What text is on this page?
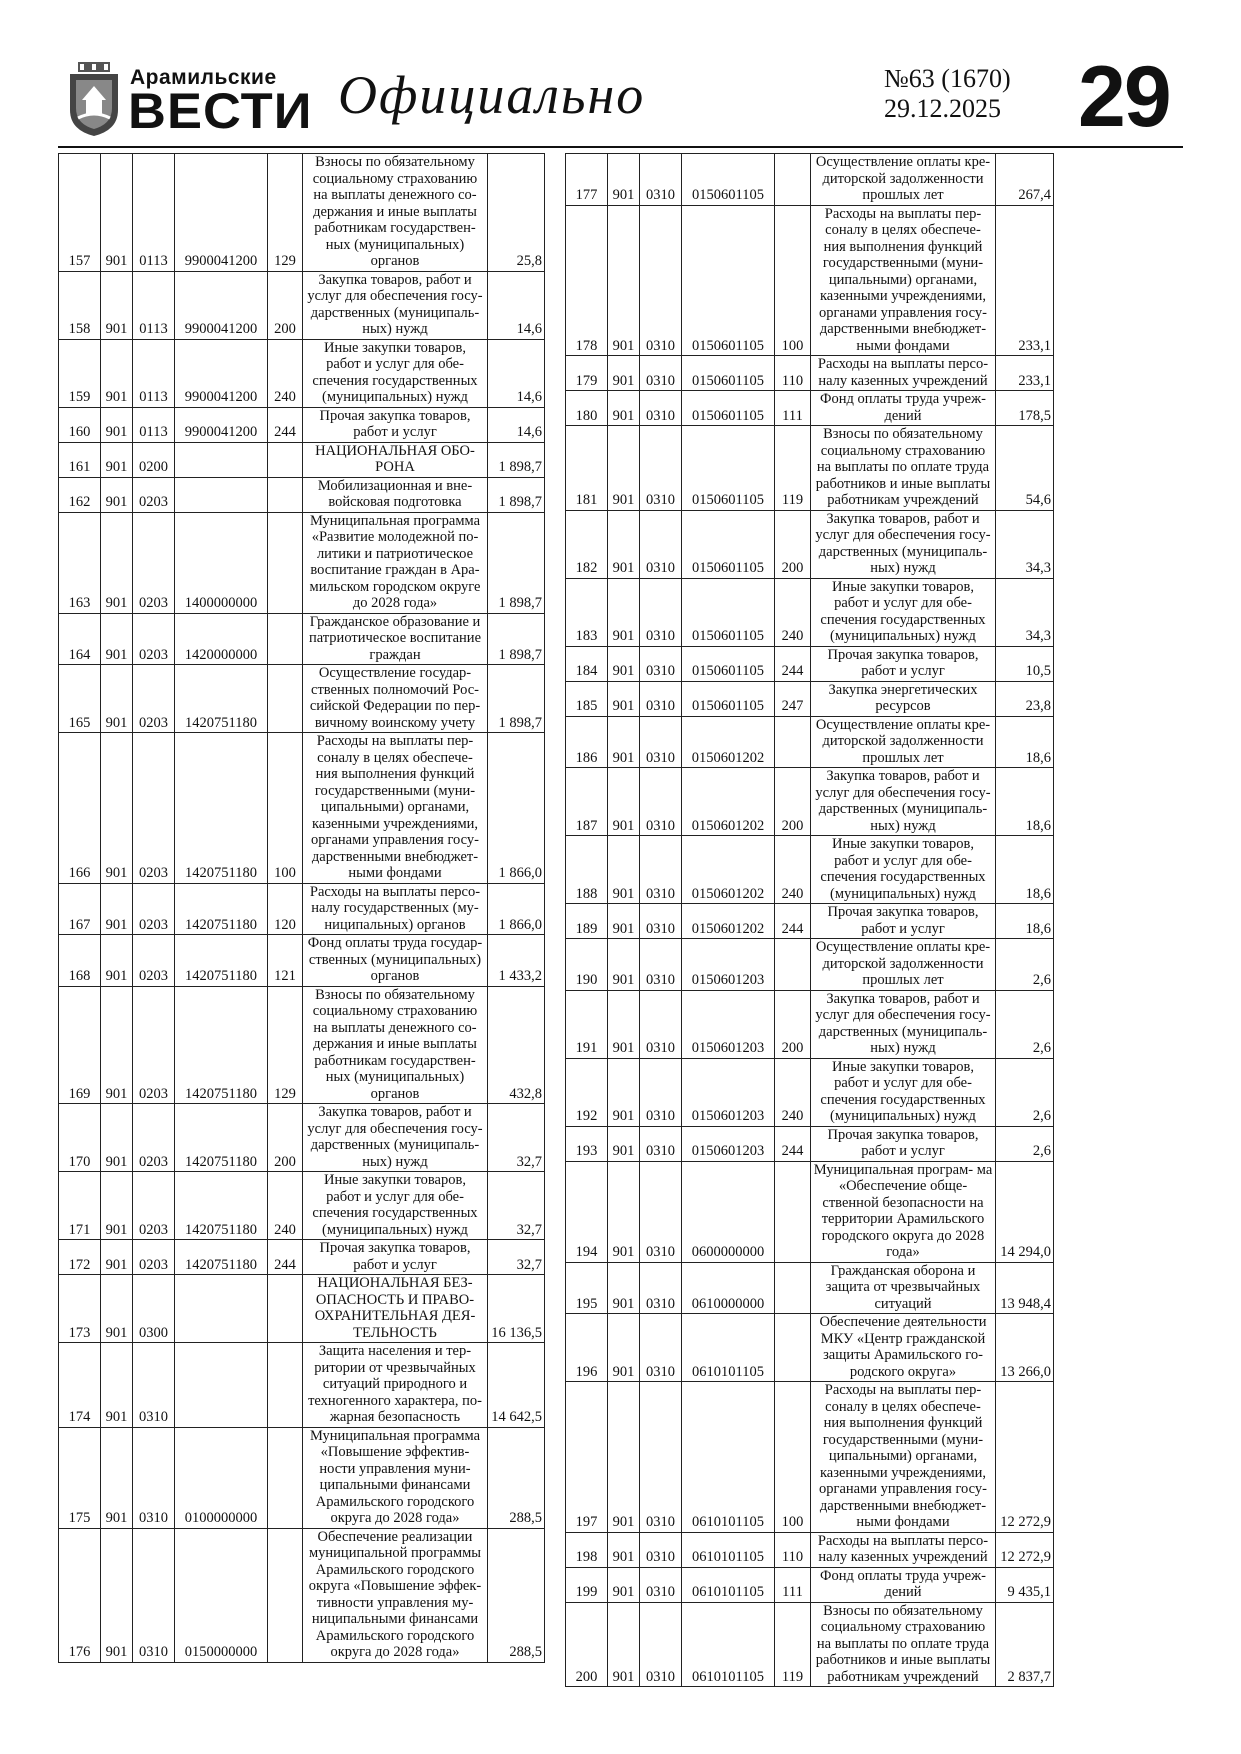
Арамильские
ВЕСТИ Официально	№63 (1670)
29.12.2025 29
157	901	0113	9900041200	129	Взносы по обязательному социальному страхованию на выплаты денежного со- держания и иные выплаты работникам государствен- ных (муниципальных) органов	25,8
158	901	0113	9900041200	200	Закупка товаров, работ и услуг для обеспечения госу- дарственных (муниципаль- ных) нужд	14,6
159	901	0113	9900041200	240	Иные закупки товаров, работ и услуг для обе- спечения государственных (муниципальных) нужд	14,6
160	901	0113	9900041200	244	Прочая закупка товаров, работ и услуг	14,6
161	901	0200			НАЦИОНАЛЬНАЯ ОБО- РОНА	1 898,7
162	901	0203			Мобилизационная и вне- войсковая подготовка	1 898,7
163	901	0203	1400000000		Муниципальная программа «Развитие молодежной по- литики и патриотическое воспитание граждан в Ара- мильском городском округе до 2028 года»	1 898,7
164	901	0203	1420000000		Гражданское образование и патриотическое воспитание граждан	1 898,7
165	901	0203	1420751180		Осуществление государ- ственных полномочий Рос- сийской Федерации по пер- вичному воинскому учету	1 898,7
166	901	0203	1420751180	100	Расходы на выплаты пер- соналу в целях обеспече- ния выполнения функций государственными (муни- ципальными) органами, казенными учреждениями, органами управления госу- дарственными внебюджет- ными фондами	1 866,0
167	901	0203	1420751180	120	Расходы на выплаты персо- налу государственных (му- ниципальных) органов	1 866,0
168	901	0203	1420751180	121	Фонд оплаты труда государ- ственных (муниципальных) органов	1 433,2
169	901	0203	1420751180	129	Взносы по обязательному социальному страхованию на выплаты денежного со- держания и иные выплаты работникам государствен- ных (муниципальных) органов	432,8
170	901	0203	1420751180	200	Закупка товаров, работ и услуг для обеспечения госу- дарственных (муниципаль- ных) нужд	32,7
171	901	0203	1420751180	240	Иные закупки товаров, работ и услуг для обе- спечения государственных (муниципальных) нужд	32,7
172	901	0203	1420751180	244	Прочая закупка товаров, работ и услуг	32,7
173	901	0300			НАЦИОНАЛЬНАЯ БЕЗ- ОПАСНОСТЬ И ПРАВО- ОХРАНИТЕЛЬНАЯ ДЕЯ- ТЕЛЬНОСТЬ	16 136,5
174	901	0310			Защита населения и тер- ритории от чрезвычайных ситуаций природного и техногенного характера, по- жарная безопасность	14 642,5
175	901	0310	0100000000		Муниципальная программа «Повышение эффектив- ности управления муни- ципальными финансами Арамильского городского округа до 2028 года»	288,5
176	901	0310	0150000000		Обеспечение реализации муниципальной программы Арамильского городского округа «Повышение эффек- тивности управления му- ниципальными финансами Арамильского городского округа до 2028 года»	288,5
177	901	0310	0150601105		Осуществление оплаты кре- диторской задолженности прошлых лет	267,4
178	901	0310	0150601105	100	Расходы на выплаты пер- соналу в целях обеспече- ния выполнения функций государственными (муни- ципальными) органами, казенными учреждениями, органами управления госу- дарственными внебюджет- ными фондами	233,1
179	901	0310	0150601105	110	Расходы на выплаты персо- налу казенных учреждений	233,1
180	901	0310	0150601105	111	Фонд оплаты труда учреж- дений	178,5
181	901	0310	0150601105	119	Взносы по обязательному социальному страхованию на выплаты по оплате труда работников и иные выплаты работникам учреждений	54,6
182	901	0310	0150601105	200	Закупка товаров, работ и услуг для обеспечения госу- дарственных (муниципаль- ных) нужд	34,3
183	901	0310	0150601105	240	Иные закупки товаров, работ и услуг для обе- спечения государственных (муниципальных) нужд	34,3
184	901	0310	0150601105	244	Прочая закупка товаров, работ и услуг	10,5
185	901	0310	0150601105	247	Закупка энергетических ресурсов	23,8
186	901	0310	0150601202		Осуществление оплаты кре- диторской задолженности прошлых лет	18,6
187	901	0310	0150601202	200	Закупка товаров, работ и услуг для обеспечения госу- дарственных (муниципаль- ных) нужд	18,6
188	901	0310	0150601202	240	Иные закупки товаров, работ и услуг для обе- спечения государственных (муниципальных) нужд	18,6
189	901	0310	0150601202	244	Прочая закупка товаров, работ и услуг	18,6
190	901	0310	0150601203		Осуществление оплаты кре- диторской задолженности прошлых лет	2,6
191	901	0310	0150601203	200	Закупка товаров, работ и услуг для обеспечения госу- дарственных (муниципаль- ных) нужд	2,6
192	901	0310	0150601203	240	Иные закупки товаров, работ и услуг для обе- спечения государственных (муниципальных) нужд	2,6
193	901	0310	0150601203	244	Прочая закупка товаров, работ и услуг	2,6
194	901	0310	0600000000		Муниципальная програм- ма «Обеспечение обще- ственной безопасности на территории Арамильского городского округа до 2028 года»	14 294,0
195	901	0310	0610000000		Гражданская оборона и защита от чрезвычайных ситуаций	13 948,4
196	901	0310	0610101105		Обеспечение деятельности МКУ «Центр гражданской защиты Арамильского го- родского округа»	13 266,0
197	901	0310	0610101105	100	Расходы на выплаты пер- соналу в целях обеспече- ния выполнения функций государственными (муни- ципальными) органами, казенными учреждениями, органами управления госу- дарственными внебюджет- ными фондами	12 272,9
198	901	0310	0610101105	110	Расходы на выплаты персо- налу казенных учреждений	12 272,9
199	901	0310	0610101105	111	Фонд оплаты труда учреж- дений	9 435,1
200	901	0310	0610101105	119	Взносы по обязательному социальному страхованию на выплаты по оплате труда работников и иные выплаты работникам учреждений	2 837,7
